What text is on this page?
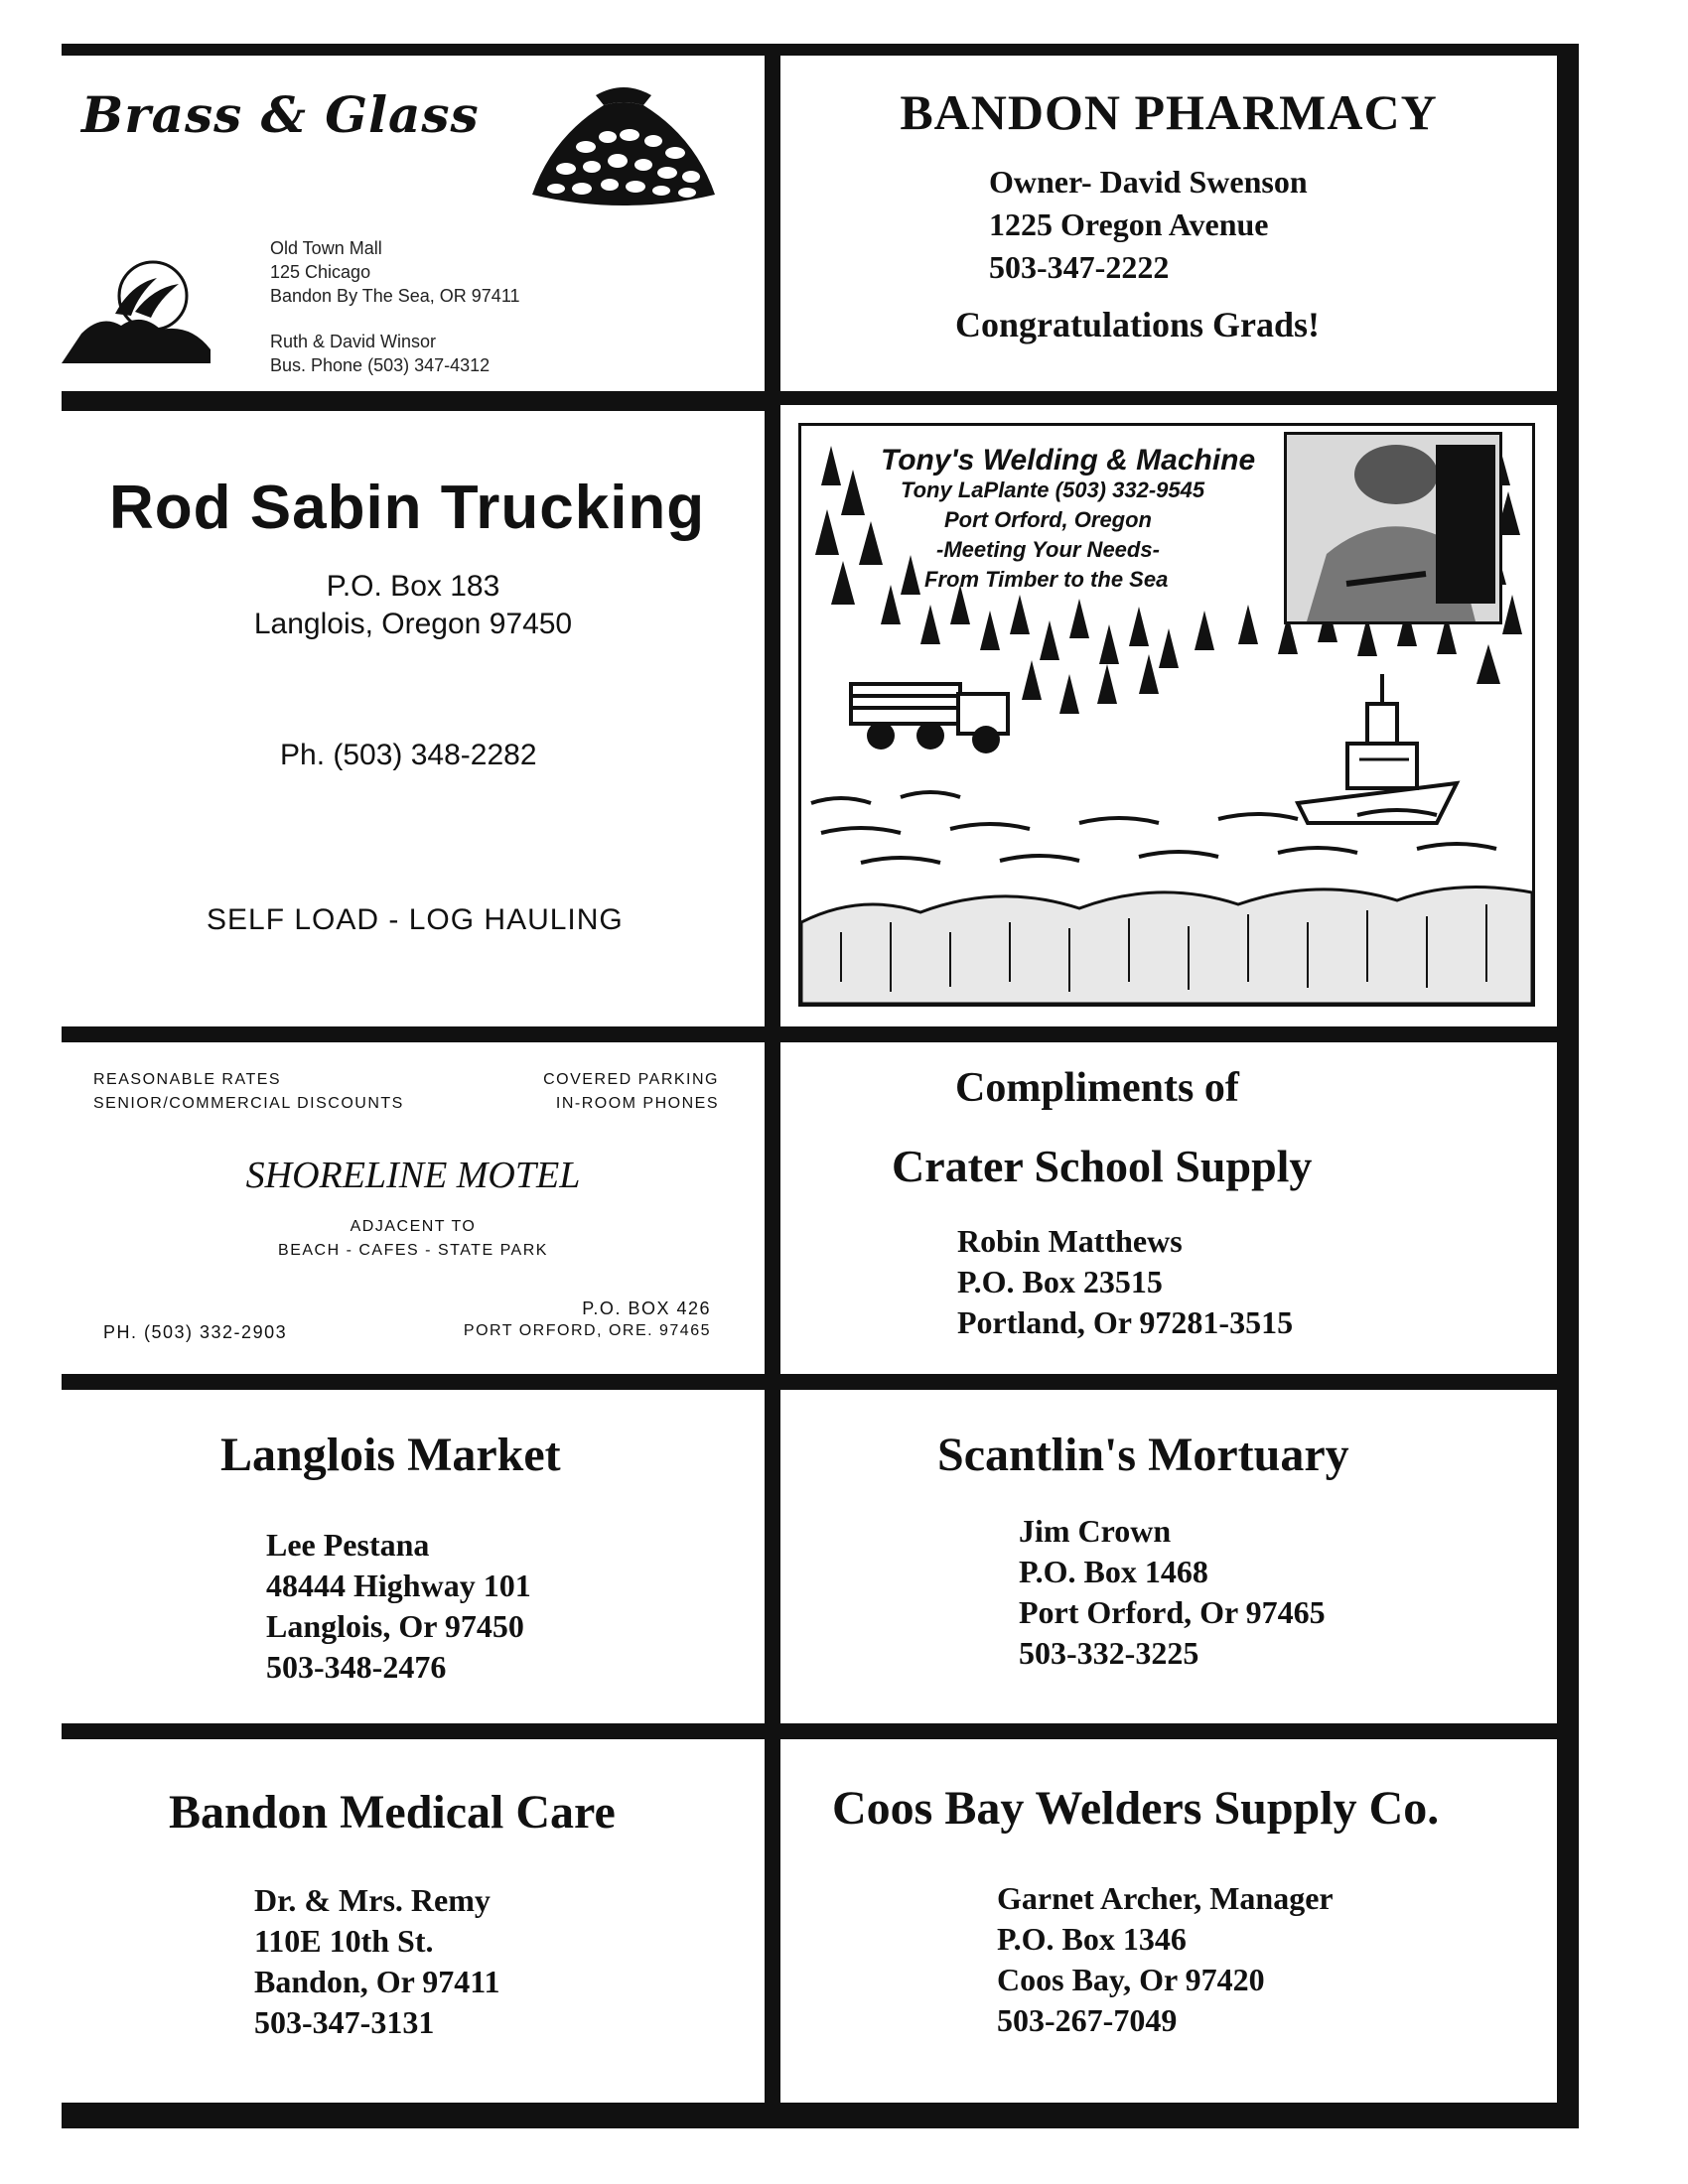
Brass & Glass
Old Town Mall
125 Chicago
Bandon By The Sea, OR 97411
Ruth & David Winsor
Bus. Phone (503) 347-4312
BANDON PHARMACY
Owner- David Swenson
1225 Oregon Avenue
503-347-2222
Congratulations Grads!
Rod Sabin Trucking
P.O. Box 183
Langlois, Oregon 97450
Ph. (503) 348-2282
SELF LOAD - LOG HAULING
Tony's Welding & Machine
Tony LaPlante (503) 332-9545
Port Orford, Oregon
-Meeting Your Needs-
From Timber to the Sea
REASONABLE RATES
SENIOR/COMMERCIAL DISCOUNTS
COVERED PARKING
IN-ROOM PHONES
SHORELINE MOTEL
ADJACENT TO
BEACH - CAFES - STATE PARK
P.O. BOX 426
PH. (503) 332-2903	PORT ORFORD, ORE. 97465
Compliments of
Crater School Supply
Robin Matthews
P.O. Box 23515
Portland, Or 97281-3515
Langlois Market
Lee Pestana
48444 Highway 101
Langlois, Or 97450
503-348-2476
Scantlin's Mortuary
Jim Crown
P.O. Box 1468
Port Orford, Or 97465
503-332-3225
Bandon Medical Care
Dr. & Mrs. Remy
110E 10th St.
Bandon, Or 97411
503-347-3131
Coos Bay Welders Supply Co.
Garnet Archer, Manager
P.O. Box 1346
Coos Bay, Or 97420
503-267-7049
